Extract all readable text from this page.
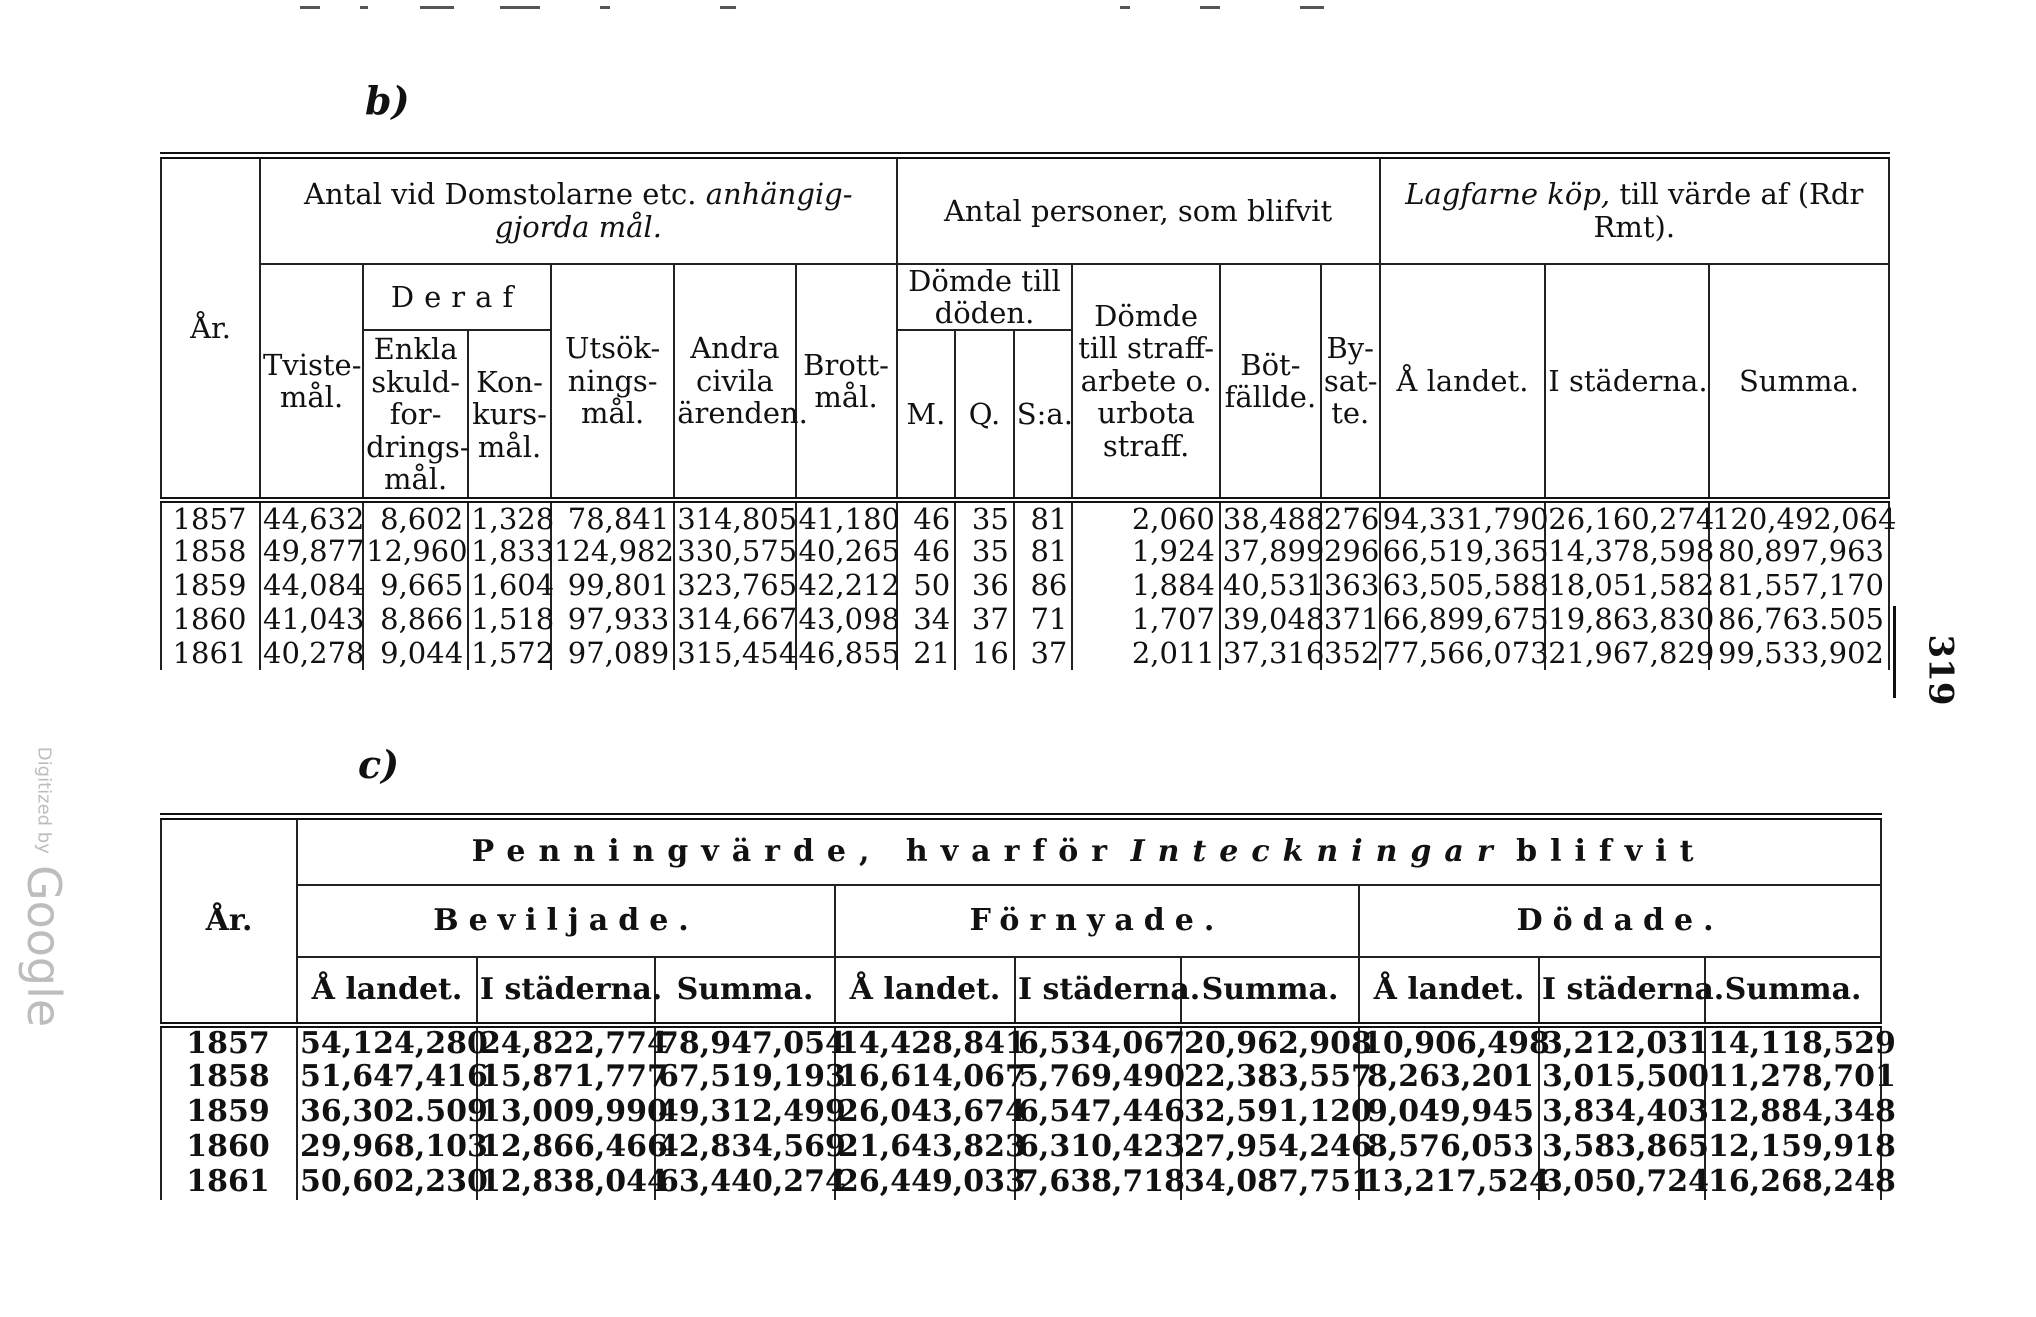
b)
Digitized by Google
319
År.	Antal vid Domstolarne etc. anhängig-gjorda mål.						Antal personer, som blifvit						Lagfarne köp, till värde af (Rdr Rmt).		
	Tviste-mål.	Deraf		Utsök-nings-mål.	Andra civila ärenden.	Brott-mål.	Dömde till döden.			Dömde till straff-arbete o. urbota straff.	Böt-fällde.	By-sat-te.	Å landet.	I städerna.	Summa.
		Enkla skuld-for-drings-mål.	Kon-kurs-mål.				M.	Q.	S:a.						
1857	44,632	8,602	1,328	78,841	314,805	41,180	46	35	81	2,060	38,488	276	94,331,790	26,160,274	120,492,064
1858	49,877	12,960	1,833	124,982	330,575	40,265	46	35	81	1,924	37,899	296	66,519,365	14,378,598	80,897,963
1859	44,084	9,665	1,604	99,801	323,765	42,212	50	36	86	1,884	40,531	363	63,505,588	18,051,582	81,557,170
1860	41,043	8,866	1,518	97,933	314,667	43,098	34	37	71	1,707	39,048	371	66,899,675	19,863,830	86,763.505
1861	40,278	9,044	1,572	97,089	315,454	46,855	21	16	37	2,011	37,316	352	77,566,073	21,967,829	99,533,902
c)
År.	Penningvärde, hvarför Inteckningar blifvit								
	Beviljade.			Förnyade.			Dödade.		
	Å landet.	I städerna.	Summa.	Å landet.	I städerna.	Summa.	Å landet.	I städerna.	Summa.
1857	54,124,280	24,822,774	78,947,054	14,428,841	6,534,067	20,962,908	10,906,498	3,212,031	14,118,529
1858	51,647,416	15,871,777	67,519,193	16,614,067	5,769,490	22,383,557	8,263,201	3,015,500	11,278,701
1859	36,302.509	13,009,990	49,312,499	26,043,674	6,547,446	32,591,120	9,049,945	3,834,403	12,884,348
1860	29,968,103	12,866,466	42,834,569	21,643,823	6,310,423	27,954,246	8,576,053	3,583,865	12,159,918
1861	50,602,230	12,838,044	63,440,274	26,449,033	7,638,718	34,087,751	13,217,524	3,050,724	16,268,248
